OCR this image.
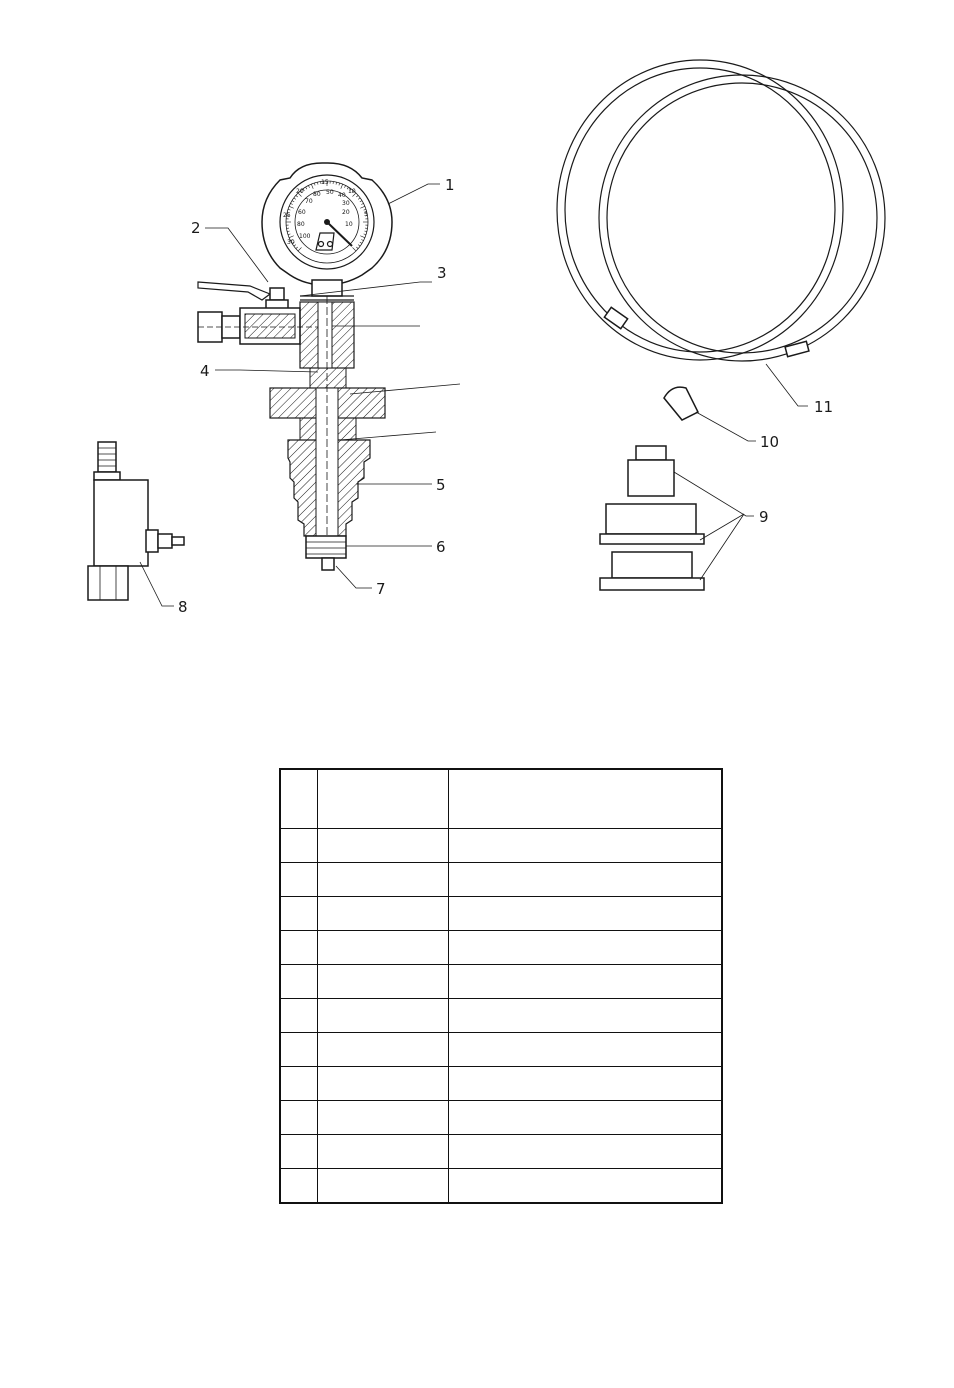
30
25
20
15
10
5
100
80
60
70
80 50 40
30
20
10
1
2
3
4
5
6
7
8
9
10
11
